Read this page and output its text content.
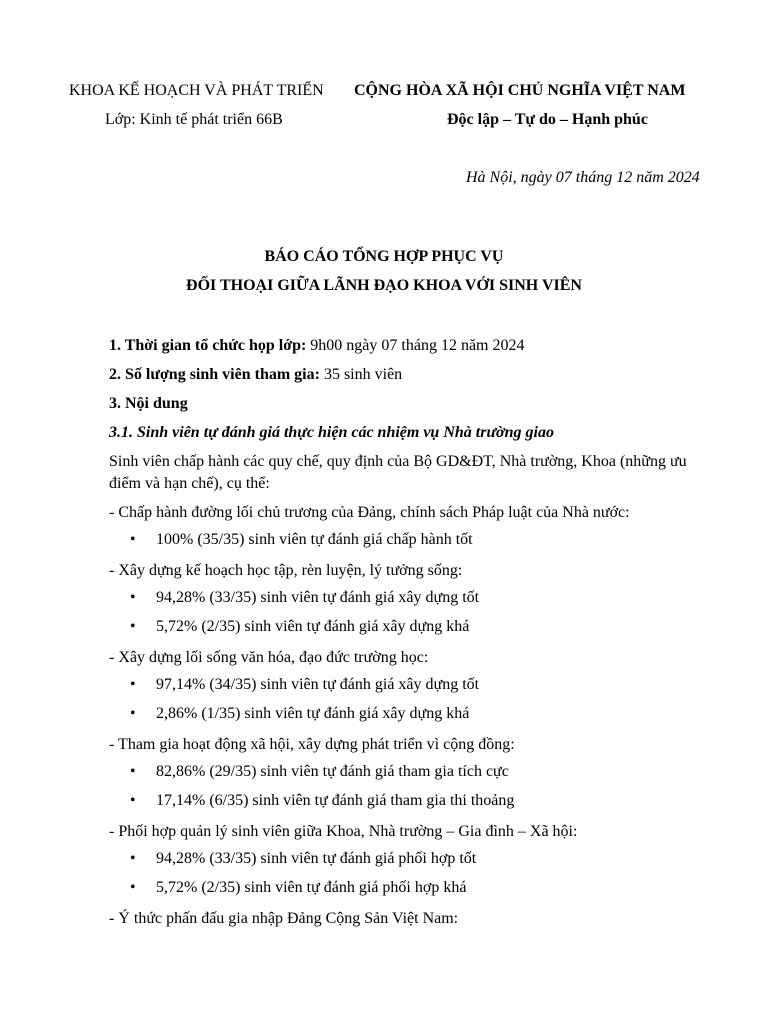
KHOA KẾ HOẠCH VÀ PHÁT TRIỂN
Lớp: Kinh tế phát triển 66B
CỘNG HÒA XÃ HỘI CHỦ NGHĨA VIỆT NAM
Độc lập – Tự do – Hạnh phúc
Hà Nội, ngày 07 tháng 12 năm 2024
BÁO CÁO TỔNG HỢP PHỤC VỤ
ĐỐI THOẠI GIỮA LÃNH ĐẠO KHOA VỚI SINH VIÊN
1. Thời gian tổ chức họp lớp: 9h00 ngày 07 tháng 12 năm 2024
2. Số lượng sinh viên tham gia: 35 sinh viên
3. Nội dung
3.1. Sinh viên tự đánh giá thực hiện các nhiệm vụ Nhà trường giao
Sinh viên chấp hành các quy chế, quy định của Bộ GD&ĐT, Nhà trường, Khoa (những ưu điểm và hạn chế), cụ thể:
- Chấp hành đường lối chủ trương của Đảng, chính sách Pháp luật của Nhà nước:
• 100% (35/35) sinh viên tự đánh giá chấp hành tốt
- Xây dựng kế hoạch học tập, rèn luyện, lý tưởng sống:
• 94,28% (33/35) sinh viên tự đánh giá xây dựng tốt
• 5,72% (2/35) sinh viên tự đánh giá xây dựng khá
- Xây dựng lối sống văn hóa, đạo đức trường học:
• 97,14% (34/35) sinh viên tự đánh giá xây dựng tốt
• 2,86% (1/35) sinh viên tự đánh giá xây dựng khá
- Tham gia hoạt động xã hội, xây dựng phát triển vì cộng đồng:
• 82,86% (29/35) sinh viên tự đánh giá tham gia tích cực
• 17,14% (6/35) sinh viên tự đánh giá tham gia thi thoảng
- Phối hợp quản lý sinh viên giữa Khoa, Nhà trường – Gia đình – Xã hội:
• 94,28% (33/35) sinh viên tự đánh giá phối hợp tốt
• 5,72% (2/35) sinh viên tự đánh giá phối hợp khá
- Ý thức phấn đấu gia nhập Đảng Cộng Sản Việt Nam:
